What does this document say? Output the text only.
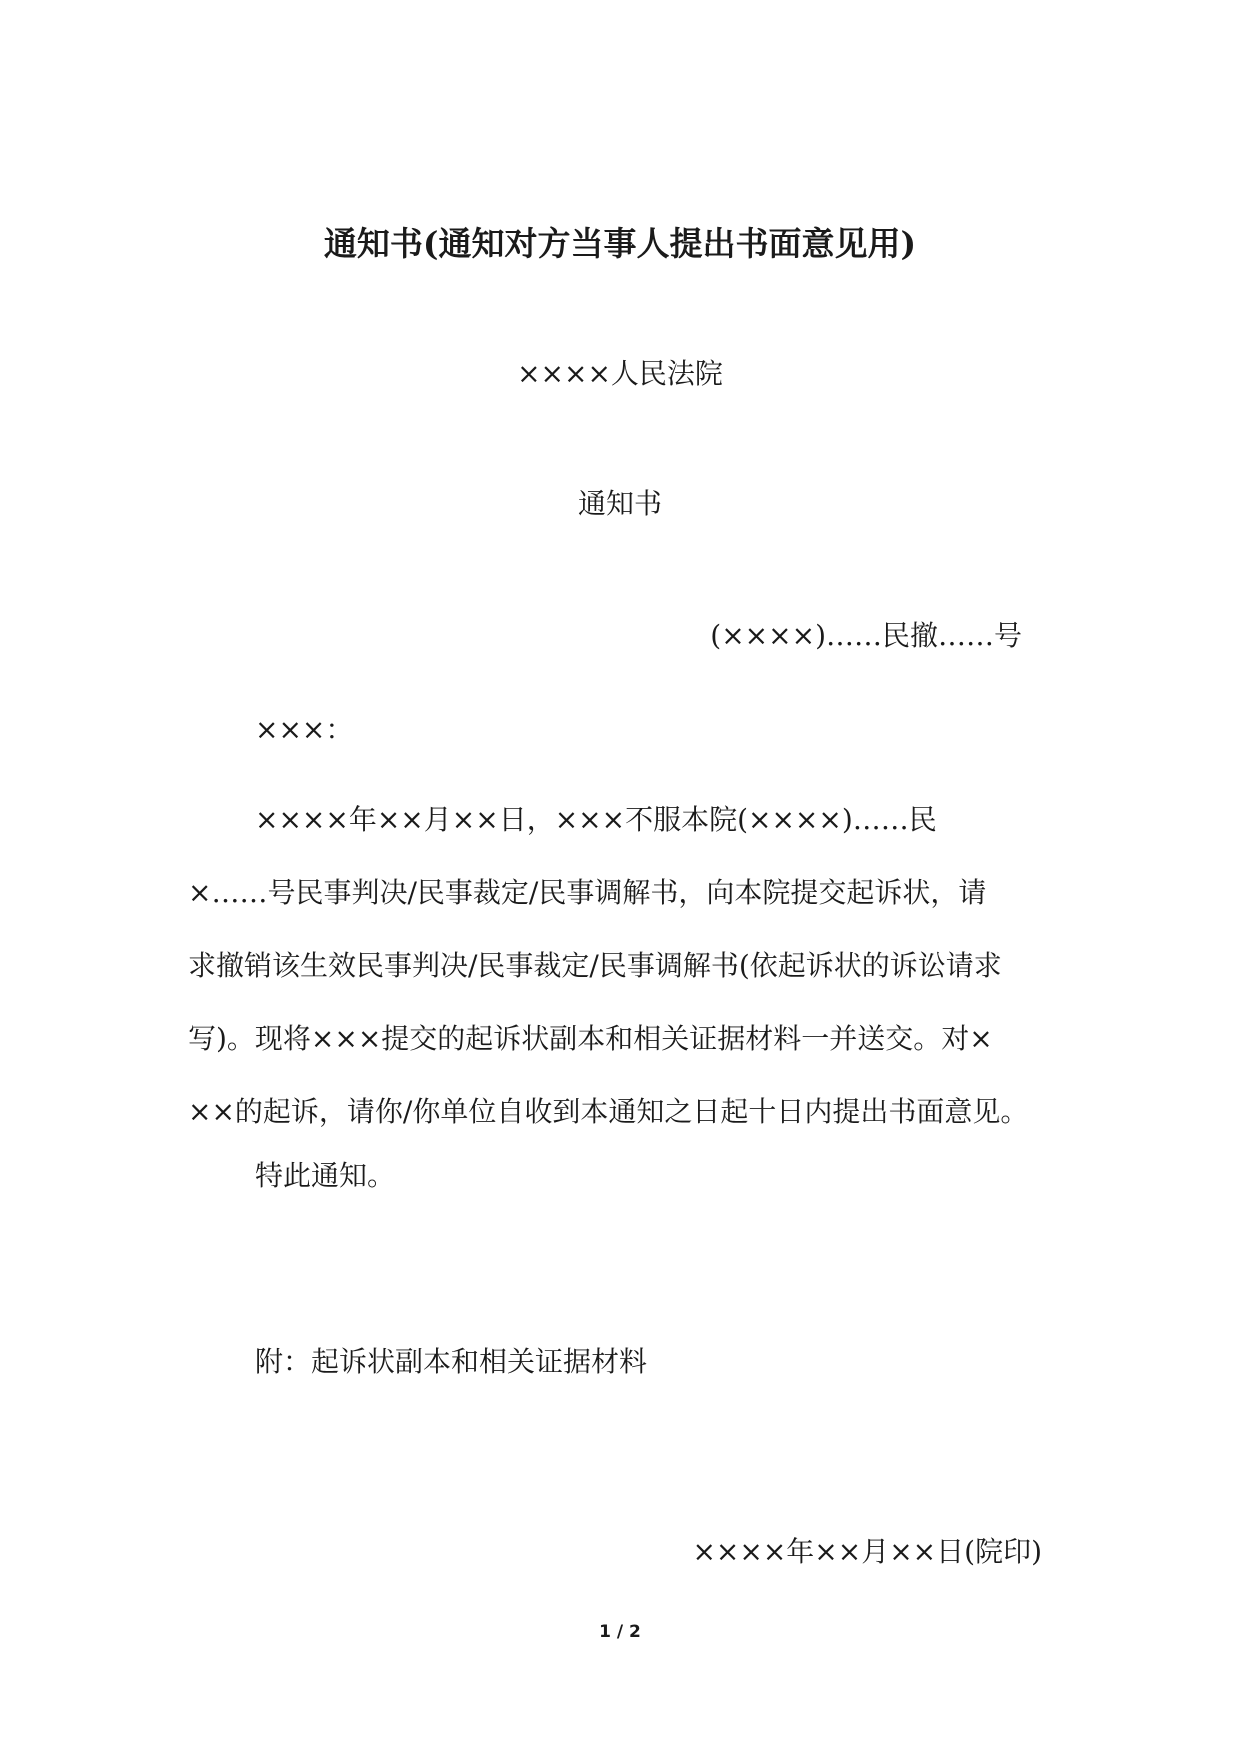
通知书(通知对方当事人提出书面意见用)
××××人民法院
通知书
(××××)……民撤……号
×××：
××××年××月××日，×××不服本院(××××)……民
×……号民事判决/民事裁定/民事调解书，向本院提交起诉状，请
求撤销该生效民事判决/民事裁定/民事调解书(依起诉状的诉讼请求
写)。现将×××提交的起诉状副本和相关证据材料一并送交。对×
××的起诉，请你/你单位自收到本通知之日起十日内提出书面意见。
特此通知。
附：起诉状副本和相关证据材料
××××年××月××日(院印)
1 / 2
